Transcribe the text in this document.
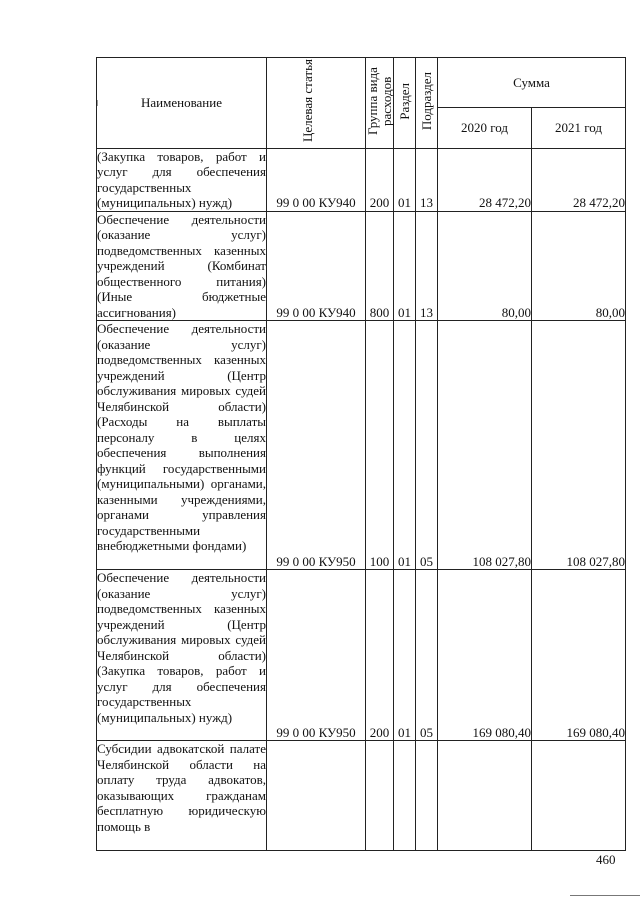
Наименование	Целевая статья	Группа вида расходов	Раздел	Подраздел	Сумма	
					2020 год	2021 год
(Закупка товаров, работ и услуг для обеспечения государственных (муниципальных) нужд)	99 0 00 КУ940	200	01	13	28 472,20	28 472,20
Обеспечение деятельности (оказание услуг) подведомственных казенных учреждений (Комбинат общественного питания) (Иные бюджетные ассигнования)	99 0 00 КУ940	800	01	13	80,00	80,00
Обеспечение деятельности (оказание услуг) подведомственных казенных учреждений (Центр обслуживания мировых судей Челябинской области) (Расходы на выплаты персоналу в целях обеспечения выполнения функций государственными (муниципальными) органами, казенными учреждениями, органами управления государственными внебюджетными фондами)	99 0 00 КУ950	100	01	05	108 027,80	108 027,80
Обеспечение деятельности (оказание услуг) подведомственных казенных учреждений (Центр обслуживания мировых судей Челябинской области) (Закупка товаров, работ и услуг для обеспечения государственных (муниципальных) нужд)	99 0 00 КУ950	200	01	05	169 080,40	169 080,40
Субсидии адвокатской палате Челябинской области на оплату труда адвокатов, оказывающих гражданам бесплатную юридическую помощь в						
460
